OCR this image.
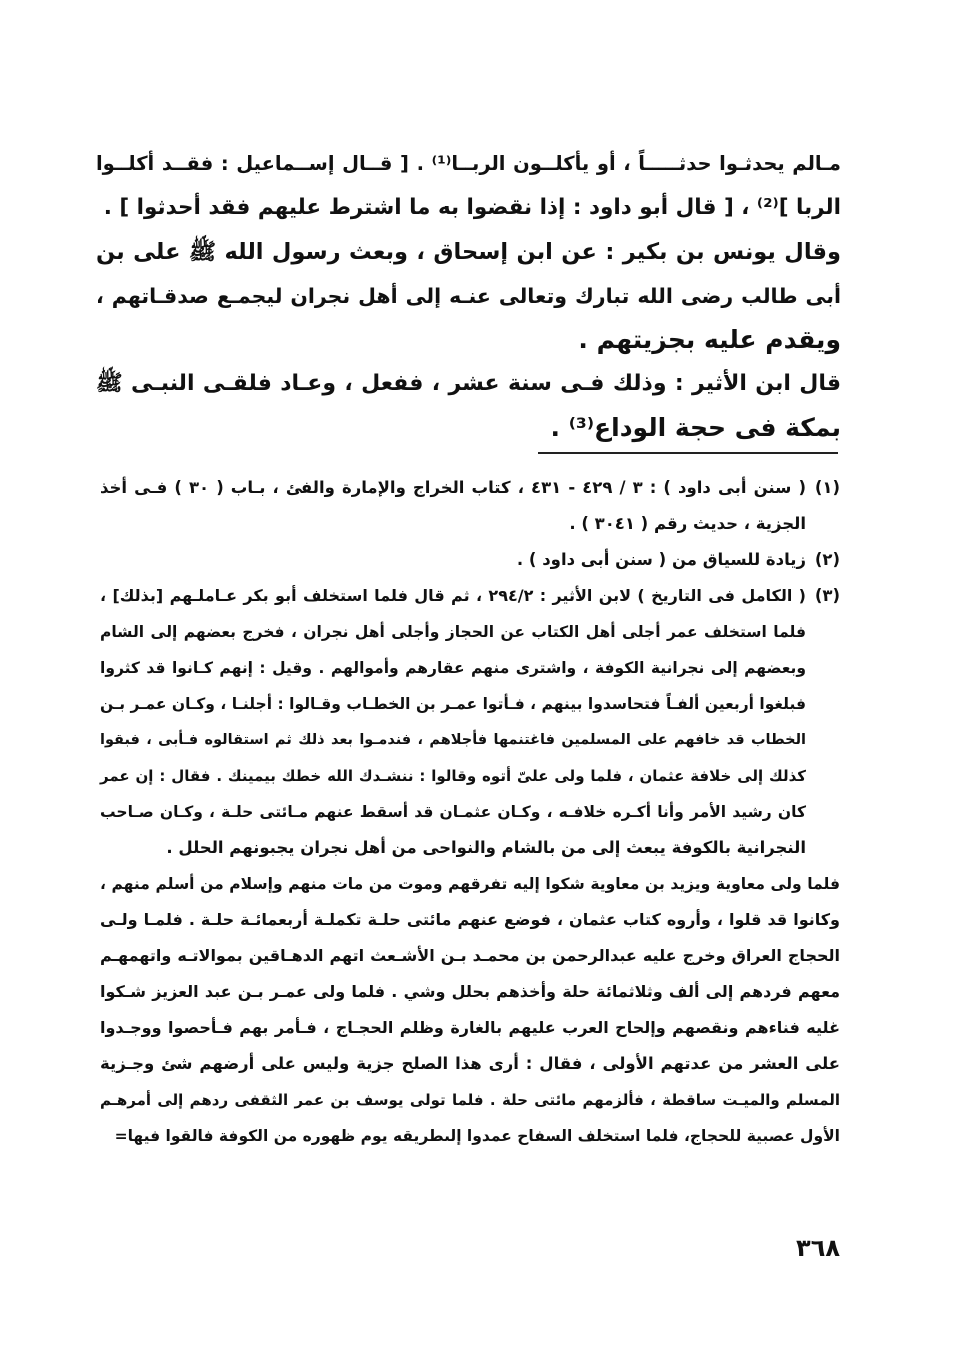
مـالم يحدثـوا حدثـــــاً ، أو يأكلــون الربــا⁽¹⁾ . [ قــال إســماعيل : فقــد أكلــوا
الربا ]⁽²⁾ ، [ قال أبو داود : إذا نقضوا به ما اشترط عليهم فقد أحدثوا ] .
وقال يونس بن بكير : عن ابن إسحاق ، وبعث رسول الله ﷺ على بن
أبى طالب رضى الله تبارك وتعالى عنـه إلى أهل نجران ليجمـع صدقـاتهم ،
ويقدم عليه بجزيتهم .
قال ابن الأثير : وذلك فـى سنة عشر ، ففعل ، وعـاد فلقـى النبـى ﷺ
بمكة فى حجة الوداع⁽³⁾ .
(١)
( سنن أبى داود ) : ٣ / ٤٢٩ - ٤٣١ ، كتاب الخراج والإمارة والفئ ، بـاب ( ٣٠ ) فـى أخذ
الجزية ، حديث رقم ( ٣٠٤١ ) .
(٢)
زيادة للسياق من ( سنن أبى داود ) .
(٣)
( الكامل فى التاريخ ) لابن الأثير : ٢٩٤/٢ ، ثم قال فلما استخلف أبو بكر عـاملـهم [بذلك] ،
فلما استخلف عمر أجلى أهل الكتاب عن الحجاز وأجلى أهل نجران ، فخرج بعضهم إلى الشام
وبعضهم إلى نجرانية الكوفة ، واشترى منهم عقارهم وأموالهم . وقيل : إنهم كـانوا قد كثروا
فبلغوا أربعين ألفـاً فتحاسدوا بينهم ، فـأتوا عمـر بن الخطـاب وقـالوا : أجلنـا ، وكـان عمـر بـن
الخطاب قد خافهم على المسلمين فاغتنمها فأجلاهم ، فندمـوا بعد ذلك ثم استقالوه فـأبى ، فبقوا
كذلك إلى خلافة عثمان ، فلما ولى علىّ أتوه وقالوا : ننشـدك الله خطك بيمينك . فقال : إن عمر
كان رشيد الأمر وأنا أكـره خلافـه ، وكـان عثمـان قد أسقط عنهم مـائتى حلـة ، وكـان صـاحب
النجرانية بالكوفة يبعث إلى من بالشام والنواحى من أهل نجران يجبونهم الحلل .
فلما ولى معاوية ويزيد بن معاوية شكوا إليه تفرقهم وموت من مات منهم وإسلام من أسلم منهم ،
وكانوا قد قلوا ، وأروه كتاب عثمان ، فوضع عنهم مائتى حلـة تكملـة أربعمائـة حلـة . فلمـا ولـى
الحجاج العراق وخرج عليه عبدالرحمن بن محمـد بـن الأشـعث اتهم الدهـاقين بموالاتـه واتهمهـم
معهم فردهم إلى ألف وثلاثمائة حلة وأخذهم بحلل وشي . فلما ولى عمـر بـن عبد العزيز شـكوا
غليه فناءهم ونقصهم وإلحاح العرب عليهم بالغارة وظلم الحجـاج ، فـأمر بهم فـأحصوا ووجـدوا
على العشر من عدتهم الأولى ، فقال : أرى هذا الصلح جزية وليس على أرضهم شئ وجـزية
المسلم والميـت ساقطة ، فألزمهم مائتى حلة . فلما تولى يوسف بن عمر الثقفى ردهم إلى أمرهـم
الأول عصبية للحجاج، فلما استخلف السفاح عمدوا إلىطريقه يوم ظهوره من الكوفة فالقوا فيها=
٣٦٨
